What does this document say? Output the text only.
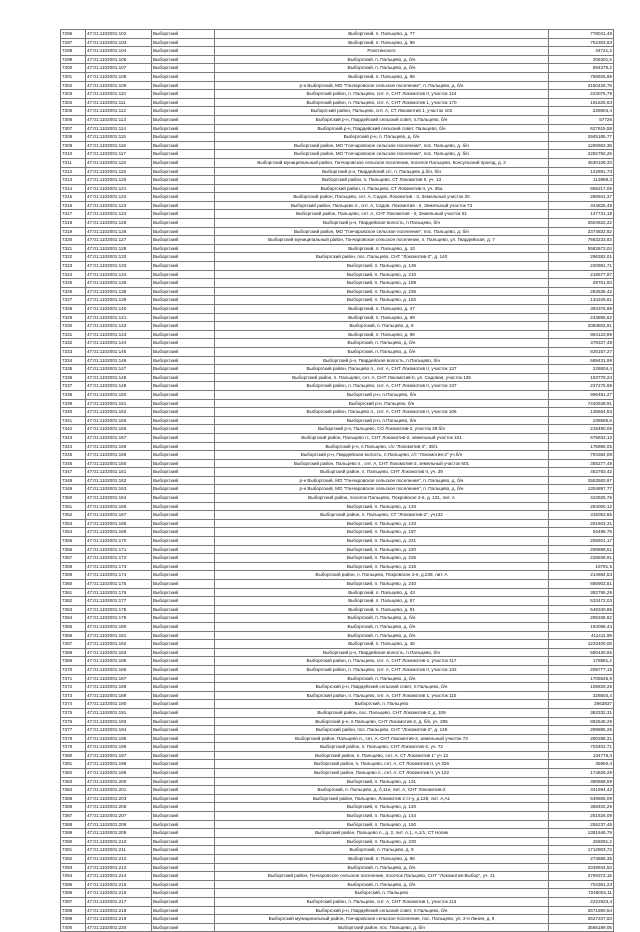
7296	47:01:1102001:102	Выборгский	Выборгский, п. Пальцево, д. 77	778041,48
7297	47:01:1102001:103	Выборгский	Выборгский, п. Пальцево, д. 95	752303,63
7298	47:01:1102001:104	Выборгский	Рокотинского	34721,2
7299	47:01:1102001:106	Выборгский	Выборгский, п. Пальцево, д. б/н	205301,5
7300	47:01:1102001:107	Выборгский	Выборгский, п. Пальцево, д. б/н	894375,2
7301	47:01:1102001:108	Выборгский	Выборгский, п. Пальцево, д. 86	766925,88
7302	47:01:1102001:109	Выборгский	р-н Выборгский, МО "Гончаровское сельское поселение", п. Пальцево, д. б/н	2150426,78
7303	47:01:1102001:110	Выборгский	Выборгский район, п. Пальцево, снт. А, СНТ Локомотив II, участок 124	223075,79
7304	47:01:1102001:111	Выборгский	Выборгский район, п. Пальцево, снт. А, СНТ Локомотив 1, участок 170	161825,63
7305	47:01:1102001:112	Выборгский	Выборгский район, Пальцево, снт. А, СТ Локомотив 1, участок 102	228604,4
7306	47:01:1102001:113	Выборгский	Выборгский р-н, Гвардейский сельский совет, п.Пальцево, б/н	57726
7307	47:01:1102001:114	Выборгский	Выборгский р-н, Гвардейский сельский совет, Пальцево, б/н	627615,58
7308	47:01:1102001:115	Выборгский	Выборгский р-н, п. Пальцево, д. б/н	2945185,77
7309	47:01:1102001:116	Выборгский	Выборгский район, МО "Гончаровское сельское поселение", пос. Пальцево, д. б/н	1265963,38
7310	47:01:1102001:117	Выборгский	Выборгский район, МО "Гончаровское сельское поселение", пос. Пальцево, д. б/н	2282792,25
7311	47:01:1102001:118	Выборгский	Выборгский муниципальный район, Гончаровское сельское поселение, поселок Пальцево, Консульский проезд, д. 3	4530109,33
7312	47:01:1102001:119	Выборгский	Выборгский р-н, Гвардейский с/с, п. Пальцево д.б/н, б/н	122891,73
7313	47:01:1102001:120	Выборгский	Выборгский район, п. Пальцево, СТ Локомотив II, уч. 13	113988,3
7314	47:01:1102001:121	Выборгский	Выборгский район, п. Пальцево, СТ Локомотив II, уч. 35а	665217,05
7315	47:01:1102001:122	Выборгский	Выборгский район, Пальцево, снт. А, Садов. Локомотив - II, Земельный участок 30	286941,37
7316	47:01:1102001:123	Выборгский	Выборгский район, Пальцево п., снт. А, Садов. Локомотив - II, Земельный участок 73	344825,49
7317	47:01:1102001:124	Выборгский	Выборгский район, Пальцево, снт. А, СНТ Локомотив - II, Земельный участок 51	147731,18
7318	47:01:1102001:125	Выборгский	Выборгский р-н, Гвардейская волость, п.Пальцево, б/н	2504622,22
7319	47:01:1102001:126	Выборгский	Выборгский район, МО "Гончаровское сельское поселение", пос. Пальцево, д. б/н	2374832,62
7320	47:01:1102001:127	Выборгский	Выборгский муниципальный район, Гончаровское сельское поселение, п. Пальцево, ул. Гвардейская, д. 7	7683233,63
7321	47:01:1102001:128	Выборгский	Выборгский, п. Пальцево, д. 10	5582673,04
7322	47:01:1102001:132	Выборгский	Выборгский район, пос. Пальцево, СНТ "Локомотив-2", д. 140	296382,01
7323	47:01:1102001:133	Выборгский	Выборгский, п. Пальцево, д. 136	220991,71
7324	47:01:1102001:134	Выборгский	Выборгский, п. Пальцево, д. 210	218677,97
7325	47:01:1102001:135	Выборгский	Выборгский, п. Пальцево, д. 189	29701,93
7326	47:01:1102001:138	Выборгский	Выборгский, п. Пальцево, д. 235	253536,42
7327	47:01:1102001:139	Выборгский	Выборгский, п. Пальцево, д. 182	134226,81
7328	47:01:1102001:140	Выборгский	Выборгский, п. Пальцево, д. 47	394376,88
7329	47:01:1102001:141	Выборгский	Выборгский, п. Пальцево, д. 69	243895,62
7330	47:01:1102001:142	Выборгский	Выборгский, п. Пальцево, д. 8	2083802,91
7331	47:01:1102001:143	Выборгский	Выборгский, п. Пальцево, д. 96	864123,89
7332	47:01:1102001:144	Выборгский	Выборгский, п. Пальцево, д. б/н	379327,48
7333	47:01:1102001:145	Выборгский	Выборгский, п. Пальцево, д. б/н	825157,27
7334	47:01:1102001:146	Выборгский	Выборгский р-н, Гвардейская волость, п.Пальцево, б/н	569431,99
7335	47:01:1102001:147	Выборгский	Выборгский район, Пальцево п., снт. А, СНТ Локомотив II, участок 137	228604,4
7336	47:01:1102001:148	Выборгский	Выборгский район, п. Пальцево, снт. А, СНТ Локомотив-II, ул. Садовая, участок 135	193779,24
7337	47:01:1102001:149	Выборгский	Выборгский район, п. Пальцево, снт. А, СНТ Локомотив II, участок 137	237275,68
7338	47:01:1102001:150	Выборгский	Выборгский р-н, п.Пальцево, б/н	996481,27
7339	47:01:1102001:151	Выборгский	Выборгский р-н, Пальцево, б/н	7440549,91
7340	47:01:1102001:152	Выборгский	Выборгский район, Пальцево п., снт. А, СНТ Локомотив II, участок 106	138654,53
7341	47:01:1102001:155	Выборгский	Выборгский р-н, п.Пальцево, б/н	238665,6
7342	47:01:1102001:156	Выборгский	Выборгский р-н, Пальцево, СО Локомотив-2, участок 39 б/н	215490,05
7343	47:01:1102001:157	Выборгский	Выборгский район, Пальцево п., СНТ Локомотив-2, земельный участок 101	675933,13
7344	47:01:1102001:158	Выборгский	Выборгский р-н, п.Пальцево, с/о "Локомотив-2", 39/1	175985,05
7345	47:01:1102001:159	Выборгский	Выборгский р-н, Гвардейская волость, п.Пальцево, с/т "Локомотив-2" уч.б/н	794384,08
7346	47:01:1102001:160	Выборгский	Выборгский район, Пальцево п., снт. А, СНТ Локомотив-2, земельный участок 601	355277,49
7347	47:01:1102001:161	Выборгский	Выборгский район, п. Пальцево, СНТ Локомотив II, уч. 39	453783,42
7348	47:01:1102001:162	Выборгский	р-н Выборгский, МО "Гончаровское сельское поселение", п. Пальцево, д. б/н	2553583,97
7349	47:01:1102001:163	Выборгский	р-н Выборгский, МО "Гончаровское сельское поселение", п. Пальцево, д. б/н	1304897,77
7350	47:01:1102001:164	Выборгский	Выборгский район, поселок Пальцево, Покровское 2-я, д. 131, лит. А	423925,76
7351	47:01:1102001:166	Выборгский	Выборгский, п. Пальцево, д. 133	284000,12
7352	47:01:1102001:167	Выборгский	Выборгский район, п. Пальцево, СТ "Локомотив-2", уч132	316053,56
7353	47:01:1102001:168	Выборгский	Выборгский, п. Пальцево, д. 133	251603,31
7354	47:01:1102001:169	Выборгский	Выборгский, п. Пальцево, д. 187	93488,79
7355	47:01:1102001:170	Выборгский	Выборгский, п. Пальцево, д. 221	255921,17
7356	47:01:1102001:171	Выборгский	Выборгский, п. Пальцево, д. 220	298699,51
7357	47:01:1102001:172	Выборгский	Выборгский, п. Пальцево, д. 225	228938,91
7358	47:01:1102001:173	Выборгский	Выборгский, п. Пальцево, д. 215	19791,5
7359	47:01:1102001:174	Выборгский	Выборгский район, п. Пальцево, Покровское 2-я, д.238, лит. А	214684,53
7360	47:01:1102001:175	Выборгский	Выборгский, п. Пальцево, д. 240	686903,51
7361	47:01:1102001:176	Выборгский	Выборгский, п. Пальцево, д. 43	382795,29
7362	47:01:1102001:177	Выборгский	Выборгский, п. Пальцево, д. 57	533472,03
7363	47:01:1102001:178	Выборгский	Выборгский, п. Пальцево, д. 91	549340,86
7364	47:01:1102001:179	Выборгский	Выборгский, п. Пальцево, д. б/н	295338,82
7365	47:01:1102001:180	Выборгский	Выборгский, п. Пальцево, д. б/н	194088,44
7366	47:01:1102001:181	Выборгский	Выборгский, п. Пальцево, д. б/н	411411,99
7367	47:01:1102001:182	Выборгский	Выборгский, п. Пальцево, д. 45	1233400,05
7368	47:01:1102001:183	Выборгский	Выборгский р-н, Гвардейская волость, п.Пальцево, б/н	580430,65
7369	47:01:1102001:185	Выборгский	Выборгский район, п. Пальцево, снт. А, СНТ Локомотив-1, участок 117	178881,2
7370	47:01:1102001:186	Выборгский	Выборгский район, п. Пальцево, снт. А, СНТ Локомотив II, участок 132	209777,15
7371	47:01:1102001:187	Выборгский	Выборгский, п. Пальцево, д. б/н	1705526,8
7372	47:01:1102001:188	Выборгский	Выборгский р-н, Гвардейский сельский совет, п.Пальцево, б/н	105826,28
7373	47:01:1102001:189	Выборгский	Выборгский район, п. Пальцево, снт. А, СНТ Локомотив 1, участок 110	228604,4
7374	47:01:1102001:190	Выборгский	Выборгский, п. Пальцево	2863837
7375	47:01:1102001:191	Выборгский	Выборгский район, пос. Пальцево, СНТ Локомотив-2, д. 109	363332,31
7376	47:01:1102001:193	Выборгский	Выборгский р-н, п.Пальцево, СНТ Локомотив-2, д. б/н, уч. 295	862546,29
7377	47:01:1102001:194	Выборгский	Выборгский район, пос. Пальцево, СНТ "Локомотив-2", д. 149	289895,26
7378	47:01:1102001:195	Выборгский	Выборгский район, Пальцево п., снт. А, СНТ Локомотив-2, земельный участок 73	280288,31
7379	47:01:1102001:196	Выборгский	Выборгский район, п. Пальцево, СНТ Локомотив-2, уч. 72	703402,71
7380	47:01:1102001:197	Выборгский	Выборгский район, п. Пальцево, снт. А, СТ Локомотив 1" уч 13	134776,3
7381	47:01:1102001:198	Выборгский	Выборгский район, п. Пальцево, снт. А, СТ Локомотив II, уч 326	35950,4
7382	47:01:1102001:199	Выборгский	Выборгский район, Пальцево п., снт. А, СТ Локомотив II, уч 122	174826,28
7383	47:01:1102001:200	Выборгский	Выборгский, п. Пальцево, д. 131	390689,59
7384	47:01:1102001:201	Выборгский	Выборгский, п. Пальцево, д. б,11н, лит. А, СНТ Локомотив-2	341594,42
7385	47:01:1102001:203	Выборгский	Выборгский район, Пальцево, Локомотив 2 ст-у, д.128, лит. А,А1	549665,09
7386	47:01:1102001:206	Выборгский	Выборгский, п. Пальцево, д. 140	358402,29
7387	47:01:1102001:207	Выборгский	Выборгский, п. Пальцево, д. 144	251626,08
7388	47:01:1102001:208	Выборгский	Выборгский, п. Пальцево, д. 150	255237,46
7389	47:01:1102001:209	Выборгский	Выборгский район, Пальцево п., д. 2, лит. А,1, А,1/1, СТ Нолик	1381646,79
7390	47:01:1102001:210	Выборгский	Выборгский, п. Пальцево, д. 230	256081,2
7391	47:01:1102001:211	Выборгский	Выборгский, п. Пальцево, д. 9	1712903,73
7392	47:01:1102001:212	Выборгский	Выборгский, п. Пальцево, д. 86	274686,35
7393	47:01:1102001:213	Выборгский	Выборгский, п. Пальцево, д. б/н	2349944,53
7394	47:01:1102001:214	Выборгский	Выборгский район, Гончаровское сельское поселение, поселок Пальцево, СНТ "Локомотив-Выбор", уч. 21	2769372,15
7395	47:01:1102001:215	Выборгский	Выборгский, п. Пальцево, д. б/н	704361,23
7396	47:01:1102001:216	Выборгский	Выборгский, п. Пальцево	7246004,11
7397	47:01:1102001:217	Выборгский	Выборгский район, п. Пальцево, снт. А, СНТ Локомотив 1, участок 113	2222923,4
7398	47:01:1102001:218	Выборгский	Выборгский р-н, Гвардейский сельский совет, п.Пальцево, б/н	2571590,54
7399	47:01:1102001:219	Выборгский	Выборгский муниципальный район, Гончаровское сельское поселение, пос. Пальцево, ул. 2-я Линия, д. 9	2527337,83
7400	47:01:1102001:220	Выборгский	Выборгский район, пос. Пальцево, д. б/н	3566189,05
